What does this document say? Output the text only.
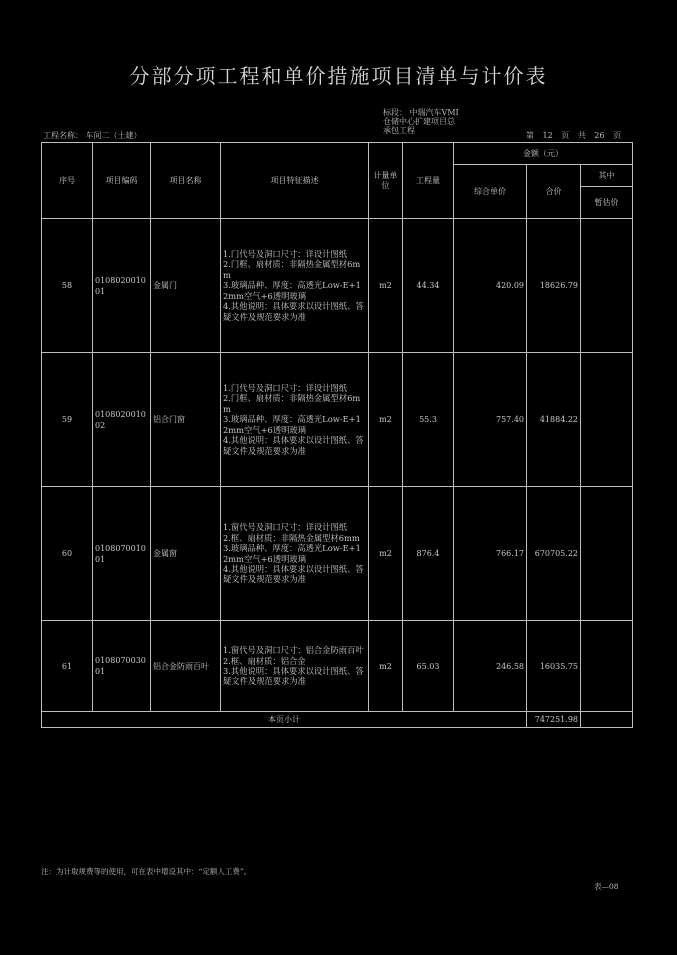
分部分项工程和单价措施项目清单与计价表
标段： 中瑞汽车VMI
仓储中心扩建项目总
承包工程
工程名称： 车间二（土建）	第 12 页 共 26 页
序号	项目编码	项目名称	项目特征描述	计量单位	工程量	金额（元）		
						综合单价	合价	其中
								暂估价
58	010802001001	金属门	1.门代号及洞口尺寸：详设计图纸
2.门框、扇材质：非隔热金属型材6mm
3.玻璃品种、厚度：高透光Low-E+12mm空气+6透明玻璃
4.其他说明：具体要求以设计图纸、答疑文件及规范要求为准	m2	44.34	420.09	18626.79	
59	010802001002	铝合门窗	1.门代号及洞口尺寸：详设计图纸
2.门框、扇材质：非隔热金属型材6mm
3.玻璃品种、厚度：高透光Low-E+12mm空气+6透明玻璃
4.其他说明：具体要求以设计图纸、答疑文件及规范要求为准	m2	55.3	757.40	41884.22	
60	010807001001	金属窗	1.窗代号及洞口尺寸：详设计图纸
2.框、扇材质：非隔热金属型材6mm
3.玻璃品种、厚度：高透光Low-E+12mm空气+6透明玻璃
4.其他说明：具体要求以设计图纸、答疑文件及规范要求为准	m2	876.4	766.17	670705.22	
61	010807003001	铝合金防雨百叶	1.窗代号及洞口尺寸：铝合金防雨百叶
2.框、扇材质：铝合金
3.其他说明：具体要求以设计图纸、答疑文件及规范要求为准	m2	65.03	246.58	16035.75	
本页小计							747251.98	
注：为计取规费等的使用，可在表中增设其中：“定额人工费”。
表—08
